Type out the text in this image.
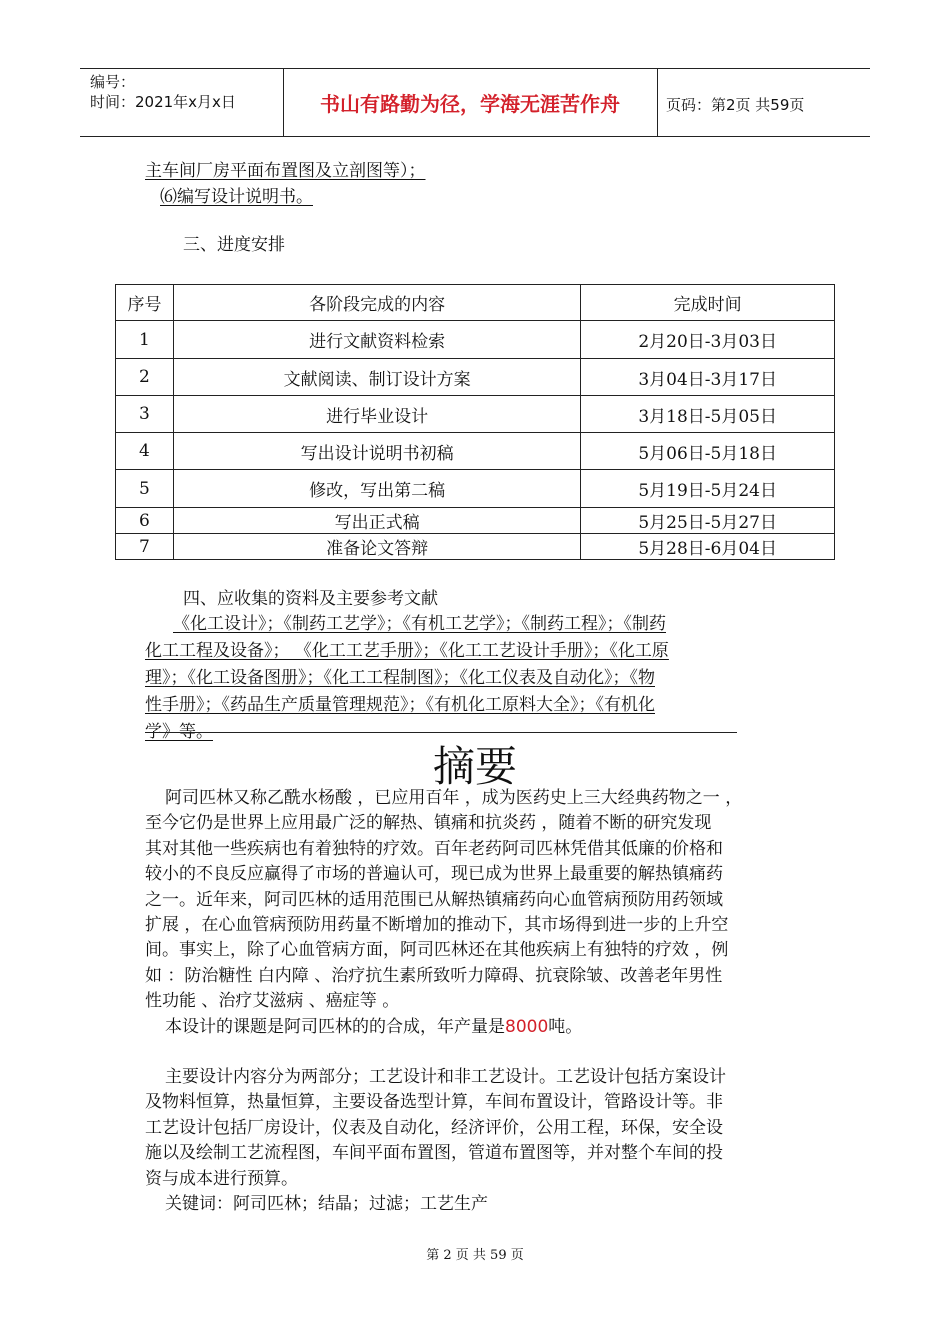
编号：
时间：2021年x月x日	书山有路勤为径，学海无涯苦作舟	页码：第2页 共59页
主车间厂房平面布置图及立剖图等）；
⑹编写设计说明书。
三、进度安排
序号	各阶段完成的内容	完成时间
1	进行文献资料检索	2月20日-3月03日
2	文献阅读、制订设计方案	3月04日-3月17日
3	进行毕业设计	3月18日-5月05日
4	写出设计说明书初稿	5月06日-5月18日
5	修改，写出第二稿	5月19日-5月24日
6	写出正式稿	5月25日-5月27日
7	准备论文答辩	5月28日-6月04日
四、应收集的资料及主要参考文献

《化工设计》；《制药工艺学》；《有机工艺学》；《制药工程》；《制药

化工工程及设备》； 《化工工艺手册》；《化工工艺设计手册》；《化工原

理》；《化工设备图册》；《化工工程制图》；《化工仪表及自动化》；《物

性手册》；《药品生产质量管理规范》；《有机化工原料大全》；《有机化

学》等。

摘要

阿司匹林又称乙酰水杨酸 ，已应用百年 ，成为医药史上三大经典药物之一 ，

至今它仍是世界上应用最广泛的解热、镇痛和抗炎药 ，随着不断的研究发现

其对其他一些疾病也有着独特的疗效。百年老药阿司匹林凭借其低廉的价格和

较小的不良反应赢得了市场的普遍认可，现已成为世界上最重要的解热镇痛药

之一。近年来，阿司匹林的适用范围已从解热镇痛药向心血管病预防用药领域

扩展 ，在心血管病预防用药量不断增加的推动下，其市场得到进一步的上升空

间。事实上，除了心血管病方面，阿司匹林还在其他疾病上有独特的疗效 ，例

如 ：防治糖性 白内障 、治疗抗生素所致听力障碍、抗衰除皱、改善老年男性

性功能 、治疗艾滋病 、癌症等 。

本设计的课题是阿司匹林的的合成，年产量是8000吨。

主要设计内容分为两部分；工艺设计和非工艺设计。工艺设计包括方案设计

及物料恒算，热量恒算，主要设备选型计算，车间布置设计，管路设计等。非

工艺设计包括厂房设计，仪表及自动化，经济评价，公用工程，环保，安全设

施以及绘制工艺流程图，车间平面布置图，管道布置图等，并对整个车间的投

资与成本进行预算。

关键词：阿司匹林；结晶；过滤；工艺生产

第 2 页 共 59 页
